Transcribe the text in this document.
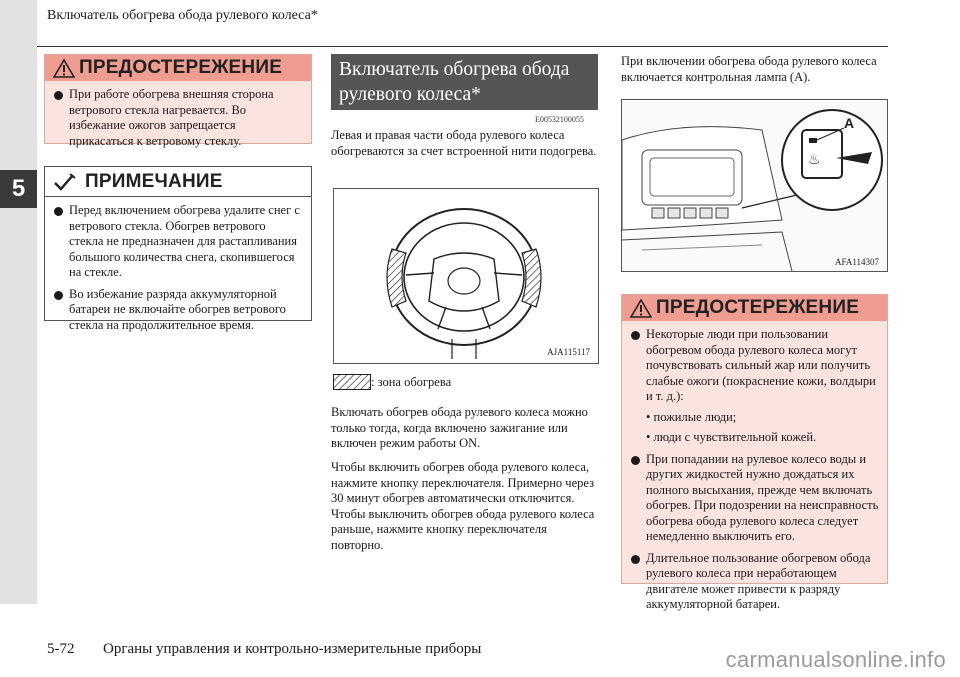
5
Включатель обогрева обода рулевого колеса*
ПРЕДОСТЕРЕЖЕНИЕ
При работе обогрева внешняя сторона ветрового стекла нагревается. Во избежание ожогов запрещается прикасаться к ветровому стеклу.
ПРИМЕЧАНИЕ
Перед включением обогрева удалите снег с ветрового стекла. Обогрев ветрового стекла не предназначен для растапливания большого количества снега, скопившегося на стекле.
Во избежание разряда аккумуляторной батареи не включайте обогрев ветрового стекла на продолжительное время.
Включатель обогрева обода рулевого колеса*
E00532100055
Левая и правая части обода рулевого колеса обогреваются за счет встроенной нити подогрева.
AJA115117
: зона обогрева
Включать обогрев обода рулевого колеса можно только тогда, когда включено зажигание или включен режим работы ON.
Чтобы включить обогрев обода рулевого колеса, нажмите кнопку переключателя. Примерно через 30 минут обогрев автоматически отключится. Чтобы выключить обогрев обода рулевого колеса раньше, нажмите кнопку переключателя повторно.
При включении обогрева обода рулевого колеса включается контрольная лампа (A).
♨
A
AFA114307
ПРЕДОСТЕРЕЖЕНИЕ
Некоторые люди при пользовании обогревом обода рулевого колеса могут почувствовать сильный жар или получить слабые ожоги (покраснение кожи, волдыри и т. д.):
• пожилые люди;
• люди с чувствительной кожей.
При попадании на рулевое колесо воды и других жидкостей нужно дождаться их полного высыхания, прежде чем включать обогрев. При подозрении на неисправность обогрева обода рулевого колеса следует немедленно выключить его.
Длительное пользование обогревом обода рулевого колеса при неработающем двигателе может привести к разряду аккумуляторной батареи.
5-72 Органы управления и контрольно-измерительные приборы	carmanualsonline.info
